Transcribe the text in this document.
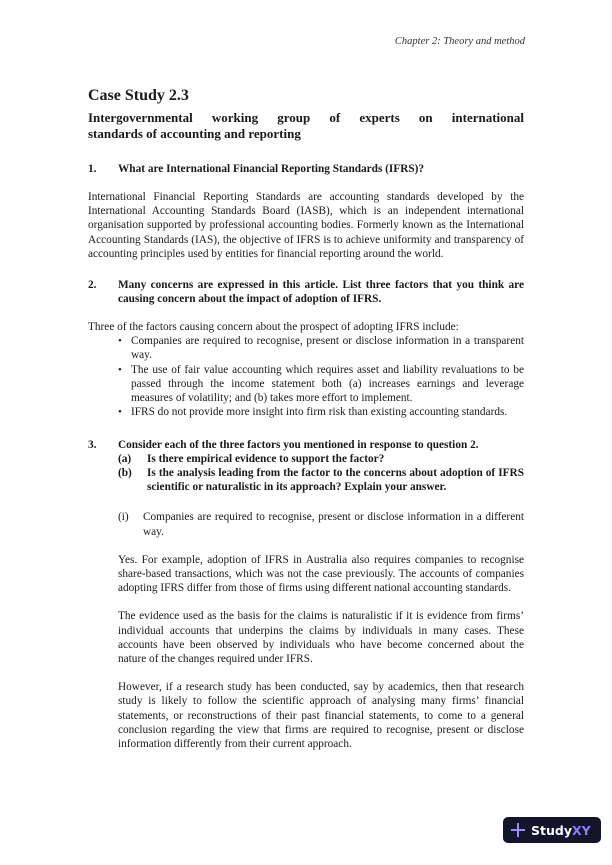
Chapter 2: Theory and method
Case Study 2.3
Intergovernmental working group of experts on international
standards of accounting and reporting
1.	What are International Financial Reporting Standards (IFRS)?

International Financial Reporting Standards are accounting standards developed by the International Accounting Standards Board (IASB), which is an independent international organisation supported by professional accounting bodies. Formerly known as the International Accounting Standards (IAS), the objective of IFRS is to achieve uniformity and transparency of accounting principles used by entities for financial reporting around the world.

2.	Many concerns are expressed in this article. List three factors that you think are causing concern about the impact of adoption of IFRS.

Three of the factors causing concern about the prospect of adopting IFRS include:

• Companies are required to recognise, present or disclose information in a transparent way.
• The use of fair value accounting which requires asset and liability revaluations to be passed through the income statement both (a) increases earnings and leverage measures of volatility; and (b) takes more effort to implement.
• IFRS do not provide more insight into firm risk than existing accounting standards.
3.	Consider each of the three factors you mentioned in response to question 2.
(a)	Is there empirical evidence to support the factor?
(b)	Is the analysis leading from the factor to the concerns about adoption of IFRS scientific or naturalistic in its approach? Explain your answer.
(i)	Companies are required to recognise, present or disclose information in a different way.

Yes. For example, adoption of IFRS in Australia also requires companies to recognise share-based transactions, which was not the case previously. The accounts of companies adopting IFRS differ from those of firms using different national accounting standards.

The evidence used as the basis for the claims is naturalistic if it is evidence from firms’ individual accounts that underpins the claims by individuals in many cases. These accounts have been observed by individuals who have become concerned about the nature of the changes required under IFRS.

However, if a research study has been conducted, say by academics, then that research study is likely to follow the scientific approach of analysing many firms’ financial statements, or reconstructions of their past financial statements, to come to a general conclusion regarding the view that firms are required to recognise, present or disclose information differently from their current approach.

Study XY
